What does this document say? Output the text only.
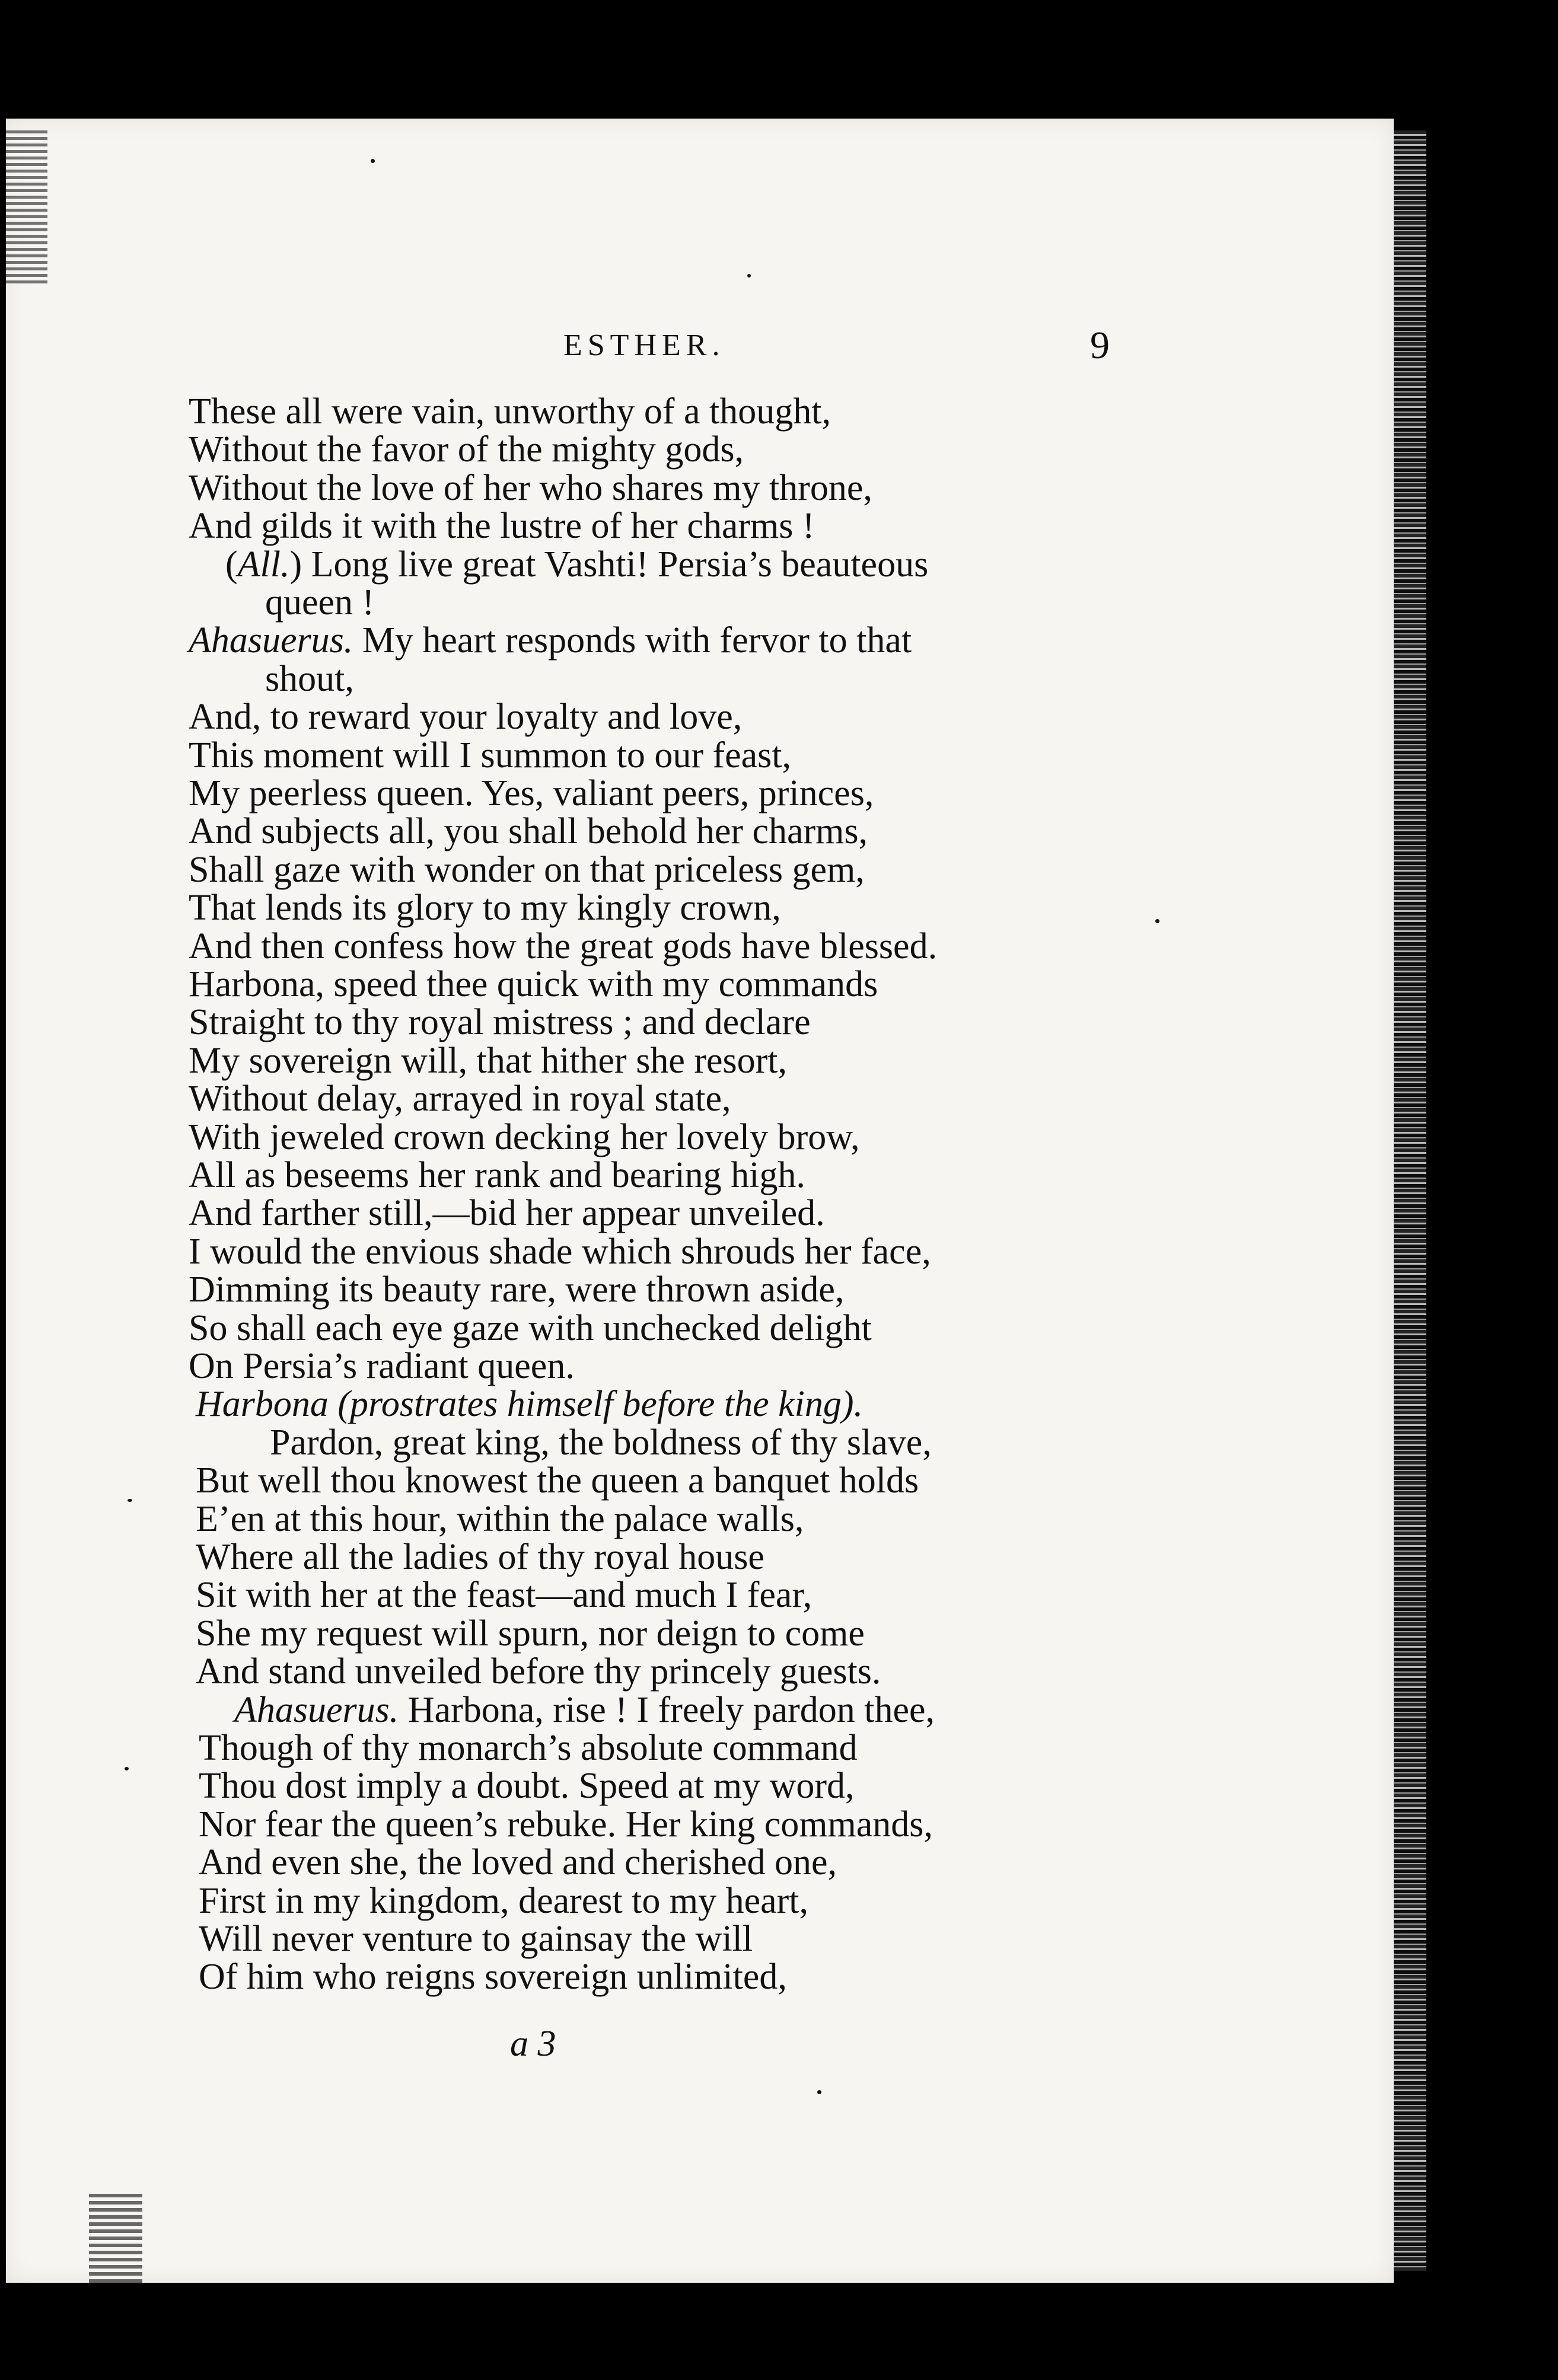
ESTHER.	9
These all were vain, unworthy of a thought,
Without the favor of the mighty gods,
Without the love of her who shares my throne,
And gilds it with the lustre of her charms !
(All.) Long live great Vashti! Persia’s beauteous
queen !
Ahasuerus. My heart responds with fervor to that
shout,
And, to reward your loyalty and love,
This moment will I summon to our feast,
My peerless queen. Yes, valiant peers, princes,
And subjects all, you shall behold her charms,
Shall gaze with wonder on that priceless gem,
That lends its glory to my kingly crown,
And then confess how the great gods have blessed.
Harbona, speed thee quick with my commands
Straight to thy royal mistress ; and declare
My sovereign will, that hither she resort,
Without delay, arrayed in royal state,
With jeweled crown decking her lovely brow,
All as beseems her rank and bearing high.
And farther still,—bid her appear unveiled.
I would the envious shade which shrouds her face,
Dimming its beauty rare, were thrown aside,
So shall each eye gaze with unchecked delight
On Persia’s radiant queen.
Harbona (prostrates himself before the king).
Pardon, great king, the boldness of thy slave,
But well thou knowest the queen a banquet holds
E’en at this hour, within the palace walls,
Where all the ladies of thy royal house
Sit with her at the feast—and much I fear,
She my request will spurn, nor deign to come
And stand unveiled before thy princely guests.
Ahasuerus. Harbona, rise ! I freely pardon thee,
Though of thy monarch’s absolute command
Thou dost imply a doubt. Speed at my word,
Nor fear the queen’s rebuke. Her king commands,
And even she, the loved and cherished one,
First in my kingdom, dearest to my heart,
Will never venture to gainsay the will
Of him who reigns sovereign unlimited,
a 3
